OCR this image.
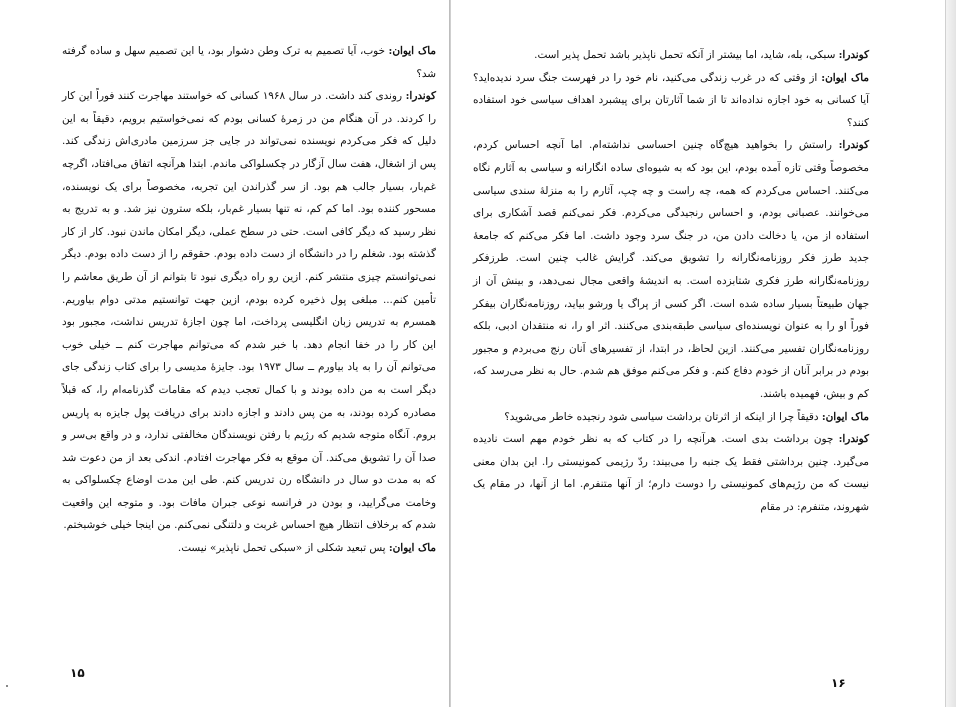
ماک ایوان: خوب، آیا تصمیم به ترک وطن دشوار بود، یا این تصمیم سهل و ساده گرفته شد؟

کوندرا: روندی کند داشت. در سال ۱۹۶۸ کسانی که خواستند مهاجرت کنند فوراً این کار را کردند. در آن هنگام من در زمرهٔ کسانی بودم که نمی‌خواستیم برویم، دقیقاً به این دلیل که فکر می‌کردم نویسنده نمی‌تواند در جایی جز سرزمین مادری‌اش زندگی کند. پس از اشغال، هفت سال آزگار در چکسلواکی ماندم. ابتدا هرآنچه اتفاق می‌افتاد، اگرچه غم‌بار، بسیار جالب هم بود. از سر گذراندن این تجربه، مخصوصاً برای یک نویسنده، مسحور کننده بود. اما کم کم، نه تنها بسیار غم‌بار، بلکه سترون نیز شد. و به تدریج به نظر رسید که دیگر کافی است. حتی در سطح عملی، دیگر امکان ماندن نبود. کار از کار گذشته بود. شغلم را در دانشگاه از دست داده بودم. حقوقم را از دست داده بودم. دیگر نمی‌توانستم چیزی منتشر کنم. ازین رو راه دیگری نبود تا بتوانم از آن طریق معاشم را تأمین کنم... مبلغی پول ذخیره کرده بودم، ازین جهت توانستیم مدتی دوام بیاوریم. همسرم به تدریس زبان انگلیسی پرداخت، اما چون اجازهٔ تدریس نداشت، مجبور بود این کار را در خفا انجام دهد. با خبر شدم که می‌توانم مهاجرت کنم ــ خیلی خوب می‌توانم آن را به یاد بیاورم ــ سال ۱۹۷۳ بود. جایزهٔ مدیسی را برای کتاب زندگی جای دیگر است به من داده بودند و با کمال تعجب دیدم که مقامات گذرنامه‌ام را، که قبلاً مصادره کرده بودند، به من پس دادند و اجازه دادند برای دریافت پول جایزه به پاریس بروم. آنگاه متوجه شدیم که رژیم با رفتن نویسندگان مخالفتی ندارد، و در واقع بی‌سر و صدا آن را تشویق می‌کند. آن موقع به فکر مهاجرت افتادم. اندکی بعد از من دعوت شد که به مدت دو سال در دانشگاه رن تدریس کنم. طی این مدت اوضاع چکسلواکی به وخامت می‌گرایید، و بودن در فرانسه نوعی جبران مافات بود. و متوجه این واقعیت شدم که برخلاف انتظار هیچ احساس غربت و دلتنگی نمی‌کنم. من اینجا خیلی خوشبختم.

ماک ایوان: پس تبعید شکلی از «سبکی تحمل ناپذیر» نیست.

۱۵

کوندرا: سبکی، بله، شاید، اما بیشتر از آنکه تحمل ناپذیر باشد تحمل پذیر است.

ماک ایوان: از وقتی که در غرب زندگی می‌کنید، نام خود را در فهرست جنگ سرد ندیده‌اید؟ آیا کسانی به خود اجازه نداده‌اند تا از شما آثارتان برای پیشبرد اهداف سیاسی خود استفاده کنند؟

کوندرا: راستش را بخواهید هیچ‌گاه چنین احساسی نداشته‌ام. اما آنچه احساس کردم، مخصوصاً وقتی تازه آمده بودم، این بود که به شیوه‌ای ساده انگارانه و سیاسی به آثارم نگاه می‌کنند. احساس می‌کردم که همه، چه راست و چه چپ، آثارم را به منزلهٔ سندی سیاسی می‌خوانند. عصبانی بودم، و احساس رنجیدگی می‌کردم. فکر نمی‌کنم قصد آشکاری برای استفاده از من، یا دخالت دادن من، در جنگ سرد وجود داشت. اما فکر می‌کنم که جامعهٔ جدید طرز فکر روزنامه‌نگارانه را تشویق می‌کند. گرایش غالب چنین است. طرزفکر روزنامه‌نگارانه طرز فکری شتابزده است. به اندیشهٔ واقعی مجال نمی‌دهد، و بینش آن از جهان طبیعتاً بسیار ساده شده است. اگر کسی از پراگ یا ورشو بیاید، روزنامه‌نگاران بیفکر فوراً او را به عنوان نویسنده‌ای سیاسی طبقه‌بندی می‌کنند. اثر او را، نه منتقدان ادبی، بلکه روزنامه‌نگاران تفسیر می‌کنند. ازین لحاظ، در ابتدا، از تفسیرهای آنان رنج می‌بردم و مجبور بودم در برابر آنان از خودم دفاع کنم. و فکر می‌کنم موفق هم شدم. حال به نظر می‌رسد که، کم و بیش، فهمیده باشند.

ماک ایوان: دقیقاً چرا از اینکه از اثرتان برداشت سیاسی شود رنجیده خاطر می‌شوید؟

کوندرا: چون برداشت بدی است. هرآنچه را در کتاب که به نظر خودم مهم است نادیده می‌گیرد. چنین برداشتی فقط یک جنبه را می‌بیند: ردّ رژیمی کمونیستی را. این بدان معنی نیست که من رژیم‌های کمونیستی را دوست دارم؛ از آنها متنفرم. اما از آنها، در مقام یک شهروند، متنفرم: در مقام

۱۶
